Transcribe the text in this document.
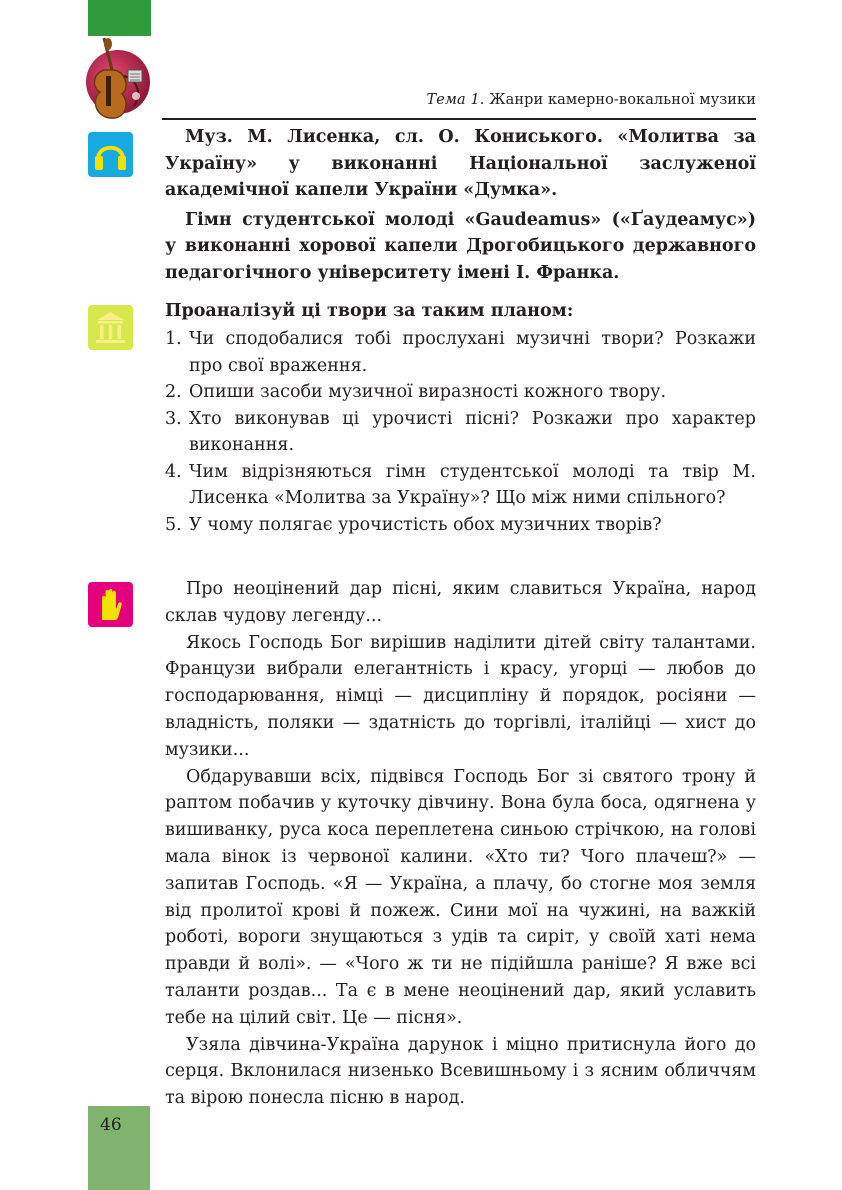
Тема 1. Жанри камерно-вокальної музики

Муз. М. Лисенка, сл. О. Кониського. «Молитва за Україну» у виконанні Національної заслуженої академічної капели України «Думка».

Гімн студентської молоді «Gaudeamus» («Ґаудеамус») у виконанні хорової капели Дрогобицького державного педагогічного університету імені І. Франка.

Проаналізуй ці твори за таким планом:
1. Чи сподобалися тобі прослухані музичні твори? Розкажи про свої враження.
2. Опиши засоби музичної виразності кожного твору.
3. Хто виконував ці урочисті пісні? Розкажи про характер виконання.
4. Чим відрізняються гімн студентської молоді та твір М. Лисенка «Молитва за Україну»? Що між ними спільного?
5. У чому полягає урочистість обох музичних творів?

Про неоцінений дар пісні, яким славиться Україна, народ склав чудову легенду...

Якось Господь Бог вирішив наділити дітей світу талантами. Французи вибрали елегантність і красу, угорці — любов до господарювання, німці — дисципліну й порядок, росіяни — владність, поляки — здатність до торгівлі, італійці — хист до музики...

Обдарувавши всіх, підвівся Господь Бог зі святого трону й раптом побачив у куточку дівчину. Вона була боса, одягнена у вишиванку, руса коса переплетена синьою стрічкою, на голові мала вінок із червоної калини. «Хто ти? Чого плачеш?» — запитав Господь. «Я — Україна, а плачу, бо стогне моя земля від пролитої крові й пожеж. Сини мої на чужині, на важкій роботі, вороги знущаються з удів та сиріт, у своїй хаті нема правди й волі». — «Чого ж ти не підійшла раніше? Я вже всі таланти роздав... Та є в мене неоцінений дар, який уславить тебе на цілий світ. Це — пісня».

Узяла дівчина-Україна дарунок і міцно притиснула його до серця. Вклонилася низенько Всевишньому і з ясним обличчям та вірою понесла пісню в народ.

46
